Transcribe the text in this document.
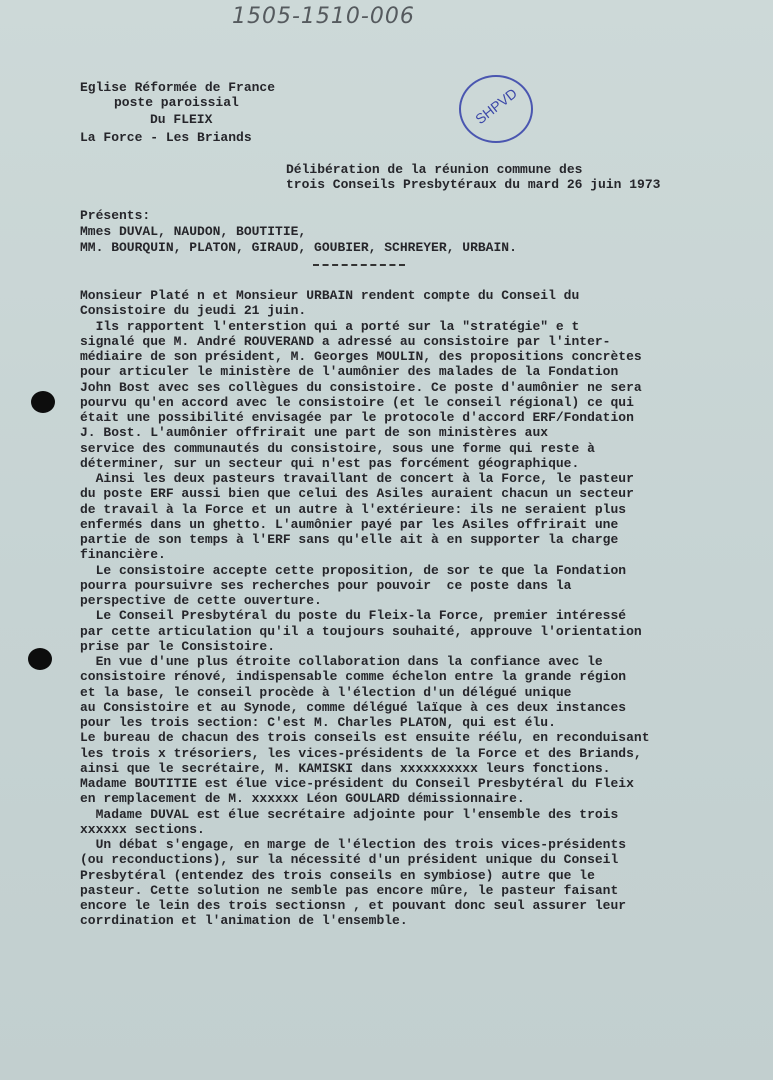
1505-1510-006
SHPVD
Eglise Réformée de France
poste paroissial
Du FLEIX
La Force - Les Briands
Délibération de la réunion commune des
trois Conseils Presbytéraux du mard 26 juin 1973
Présents:
Mmes DUVAL, NAUDON, BOUTITIE,
MM. BOURQUIN, PLATON, GIRAUD, GOUBIER, SCHREYER, URBAIN.
Monsieur Platé n et Monsieur URBAIN rendent compte du Conseil du
Consistoire du jeudi 21 juin.
Ils rapportent l'enterstion qui a porté sur la "stratégie" e t
signalé que M. André ROUVERAND a adressé au consistoire par l'inter-
médiaire de son président, M. Georges MOULIN, des propositions concrètes
pour articuler le ministère de l'aumônier des malades de la Fondation
John Bost avec ses collègues du consistoire. Ce poste d'aumônier ne sera
pourvu qu'en accord avec le consistoire (et le conseil régional) ce qui
était une possibilité envisagée par le protocole d'accord ERF/Fondation
J. Bost. L'aumônier offrirait une part de son ministères aux
service des communautés du consistoire, sous une forme qui reste à
déterminer, sur un secteur qui n'est pas forcément géographique.
Ainsi les deux pasteurs travaillant de concert à la Force, le pasteur
du poste ERF aussi bien que celui des Asiles auraient chacun un secteur
de travail à la Force et un autre à l'extérieure: ils ne seraient plus
enfermés dans un ghetto. L'aumônier payé par les Asiles offrirait une
partie de son temps à l'ERF sans qu'elle ait à en supporter la charge
financière.
Le consistoire accepte cette proposition, de sor te que la Fondation
pourra poursuivre ses recherches pour pouvoir  ce poste dans la
perspective de cette ouverture.
Le Conseil Presbytéral du poste du Fleix-la Force, premier intéressé
par cette articulation qu'il a toujours souhaité, approuve l'orientation
prise par le Consistoire.
En vue d'une plus étroite collaboration dans la confiance avec le
consistoire rénové, indispensable comme échelon entre la grande région
et la base, le conseil procède à l'élection d'un délégué unique
au Consistoire et au Synode, comme délégué laïque à ces deux instances
pour les trois section: C'est M. Charles PLATON, qui est élu.
Le bureau de chacun des trois conseils est ensuite réélu, en reconduisant
les trois x trésoriers, les vices-présidents de la Force et des Briands,
ainsi que le secrétaire, M. KAMISKI dans xxxxxxxxxx leurs fonctions.
Madame BOUTITIE est élue vice-président du Conseil Presbytéral du Fleix
en remplacement de M. xxxxxx Léon GOULARD démissionnaire.
Madame DUVAL est élue secrétaire adjointe pour l'ensemble des trois
xxxxxx sections.
Un débat s'engage, en marge de l'élection des trois vices-présidents
(ou reconductions), sur la nécessité d'un président unique du Conseil
Presbytéral (entendez des trois conseils en symbiose) autre que le
pasteur. Cette solution ne semble pas encore mûre, le pasteur faisant
encore le lein des trois sectionsn , et pouvant donc seul assurer leur
corrdination et l'animation de l'ensemble.
